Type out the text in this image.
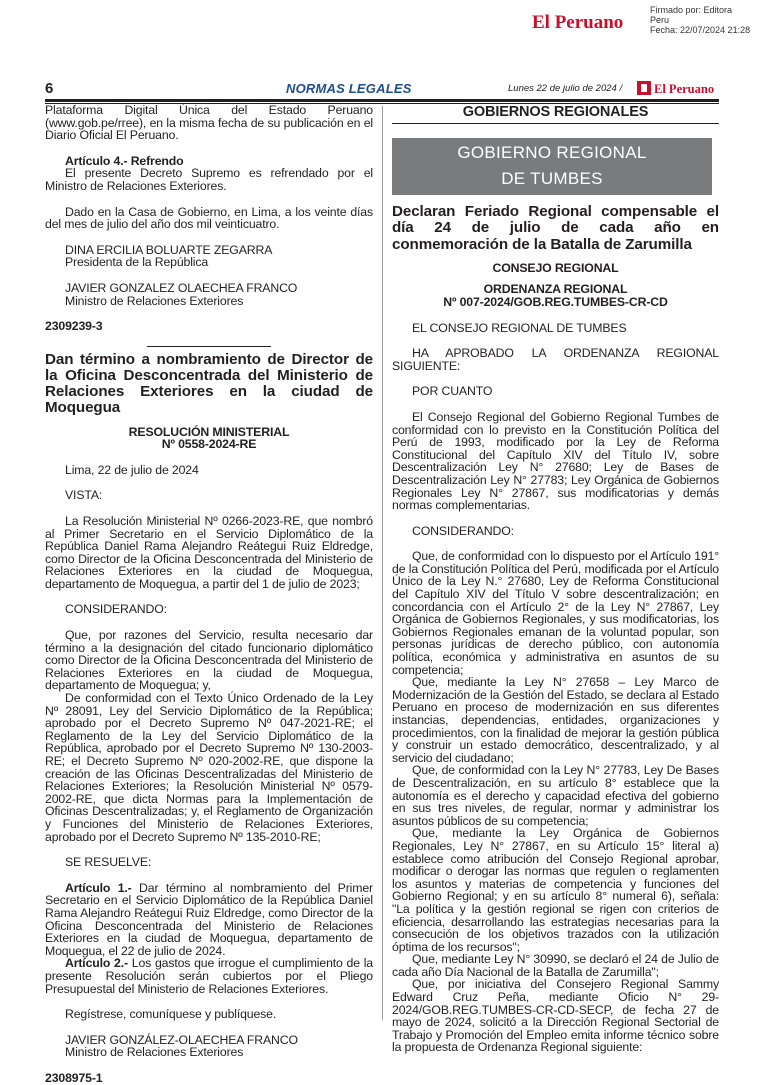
El Peruano
Firmado por: Editora
Peru
Fecha: 22/07/2024 21:28
6	NORMAS LEGALES	Lunes 22 de julio de 2024 /	El Peruano

Plataforma Digital Única del Estado Peruano (www.gob.pe/rree), en la misma fecha de su publicación en el Diario Oficial El Peruano.

Artículo 4.- Refrendo

El presente Decreto Supremo es refrendado por el Ministro de Relaciones Exteriores.

Dado en la Casa de Gobierno, en Lima, a los veinte días del mes de julio del año dos mil veinticuatro.

DINA ERCILIA BOLUARTE ZEGARRA

Presidenta de la República

JAVIER GONZALEZ OLAECHEA FRANCO

Ministro de Relaciones Exteriores

2309239-3

Dan término a nombramiento de Director de la Oficina Desconcentrada del Ministerio de Relaciones Exteriores en la ciudad de Moquegua

RESOLUCIÓN MINISTERIAL

Nº 0558-2024-RE

Lima, 22 de julio de 2024

VISTA:

La Resolución Ministerial Nº 0266-2023-RE, que nombró al Primer Secretario en el Servicio Diplomático de la República Daniel Rama Alejandro Reátegui Ruiz Eldredge, como Director de la Oficina Desconcentrada del Ministerio de Relaciones Exteriores en la ciudad de Moquegua, departamento de Moquegua, a partir del 1 de julio de 2023;

CONSIDERANDO:

Que, por razones del Servicio, resulta necesario dar término a la designación del citado funcionario diplomático como Director de la Oficina Desconcentrada del Ministerio de Relaciones Exteriores en la ciudad de Moquegua, departamento de Moquegua; y,

De conformidad con el Texto Único Ordenado de la Ley Nº 28091, Ley del Servicio Diplomático de la República; aprobado por el Decreto Supremo Nº 047-2021-RE; el Reglamento de la Ley del Servicio Diplomático de la República, aprobado por el Decreto Supremo Nº 130-2003-RE; el Decreto Supremo Nº 020-2002-RE, que dispone la creación de las Oficinas Descentralizadas del Ministerio de Relaciones Exteriores; la Resolución Ministerial Nº 0579-2002-RE, que dicta Normas para la Implementación de Oficinas Descentralizadas; y, el Reglamento de Organización y Funciones del Ministerio de Relaciones Exteriores, aprobado por el Decreto Supremo Nº 135-2010-RE;

SE RESUELVE:

Artículo 1.- Dar término al nombramiento del Primer Secretario en el Servicio Diplomático de la República Daniel Rama Alejandro Reátegui Ruiz Eldredge, como Director de la Oficina Desconcentrada del Ministerio de Relaciones Exteriores en la ciudad de Moquegua, departamento de Moquegua, el 22 de julio de 2024.

Artículo 2.- Los gastos que irrogue el cumplimiento de la presente Resolución serán cubiertos por el Pliego Presupuestal del Ministerio de Relaciones Exteriores.

Regístrese, comuníquese y publíquese.

JAVIER GONZÁLEZ-OLAECHEA FRANCO

Ministro de Relaciones Exteriores

2308975-1

GOBIERNOS REGIONALES

GOBIERNO REGIONAL
DE TUMBES

Declaran Feriado Regional compensable el día 24 de julio de cada año en conmemoración de la Batalla de Zarumilla

CONSEJO REGIONAL

ORDENANZA REGIONAL

Nº 007-2024/GOB.REG.TUMBES-CR-CD

EL CONSEJO REGIONAL DE TUMBES

HA APROBADO LA ORDENANZA REGIONAL SIGUIENTE:

POR CUANTO

El Consejo Regional del Gobierno Regional Tumbes de conformidad con lo previsto en la Constitución Política del Perú de 1993, modificado por la Ley de Reforma Constitucional del Capítulo XIV del Título IV, sobre Descentralización Ley N° 27680; Ley de Bases de Descentralización Ley N° 27783; Ley Orgánica de Gobiernos Regionales Ley N° 27867, sus modificatorias y demás normas complementarias.

CONSIDERANDO:

Que, de conformidad con lo dispuesto por el Artículo 191° de la Constitución Política del Perú, modificada por el Artículo Único de la Ley N.° 27680, Ley de Reforma Constitucional del Capítulo XIV del Título V sobre descentralización; en concordancia con el Artículo 2° de la Ley N° 27867, Ley Orgánica de Gobiernos Regionales, y sus modificatorias, los Gobiernos Regionales emanan de la voluntad popular, son personas jurídicas de derecho público, con autonomía política, económica y administrativa en asuntos de su competencia;

Que, mediante la Ley N° 27658 – Ley Marco de Modernización de la Gestión del Estado, se declara al Estado Peruano en proceso de modernización en sus diferentes instancias, dependencias, entidades, organizaciones y procedimientos, con la finalidad de mejorar la gestión pública y construir un estado democrático, descentralizado, y al servicio del ciudadano;

Que, de conformidad con la Ley N° 27783, Ley De Bases de Descentralización, en su artículo 8° establece que la autonomía es el derecho y capacidad efectiva del gobierno en sus tres niveles, de regular, normar y administrar los asuntos públicos de su competencia;

Que, mediante la Ley Orgánica de Gobiernos Regionales, Ley N° 27867, en su Artículo 15° literal a) establece como atribución del Consejo Regional aprobar, modificar o derogar las normas que regulen o reglamenten los asuntos y materias de competencia y funciones del Gobierno Regional; y en su artículo 8° numeral 6), señala: "La política y la gestión regional se rigen con criterios de eficiencia, desarrollando las estrategias necesarias para la consecución de los objetivos trazados con la utilización óptima de los recursos";

Que, mediante Ley N° 30990, se declaró el 24 de Julio de cada año Día Nacional de la Batalla de Zarumilla";

Que, por iniciativa del Consejero Regional Sammy Edward Cruz Peña, mediante Oficio N° 29-2024/GOB.REG.TUMBES-CR-CD-SECP, de fecha 27 de mayo de 2024, solicitó a la Dirección Regional Sectorial de Trabajo y Promoción del Empleo emita informe técnico sobre la propuesta de Ordenanza Regional siguiente:
